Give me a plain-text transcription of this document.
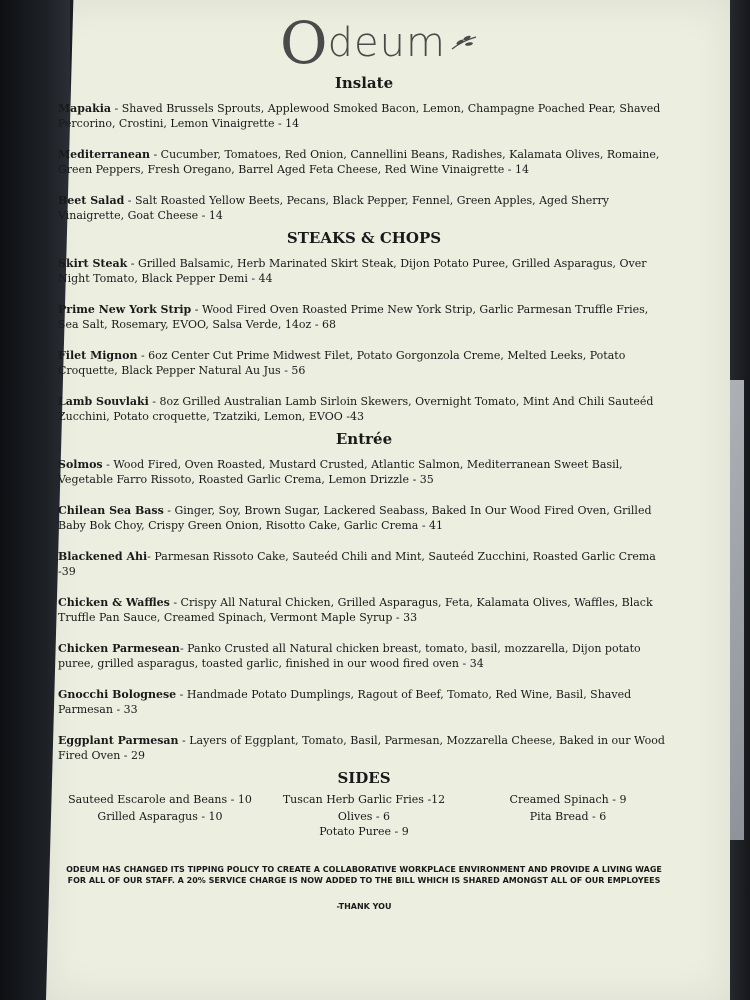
O deum
Inslate
Mapakia - Shaved Brussels Sprouts, Applewood Smoked Bacon, Lemon, Champagne Poached Pear, Shaved Percorino, Crostini, Lemon Vinaigrette - 14
Mediterranean - Cucumber, Tomatoes, Red Onion, Cannellini Beans, Radishes, Kalamata Olives, Romaine, Green Peppers, Fresh Oregano, Barrel Aged Feta Cheese, Red Wine Vinaigrette - 14
Beet Salad - Salt Roasted Yellow Beets, Pecans, Black Pepper, Fennel, Green Apples, Aged Sherry Vinaigrette, Goat Cheese - 14
STEAKS & CHOPS
Skirt Steak - Grilled Balsamic, Herb Marinated Skirt Steak, Dijon Potato Puree, Grilled Asparagus, Over Night Tomato, Black Pepper Demi - 44
Prime New York Strip - Wood Fired Oven Roasted Prime New York Strip, Garlic Parmesan Truffle Fries, Sea Salt, Rosemary, EVOO, Salsa Verde, 14oz - 68
Filet Mignon - 6oz Center Cut Prime Midwest Filet, Potato Gorgonzola Creme, Melted Leeks, Potato Croquette, Black Pepper Natural Au Jus - 56
Lamb Souvlaki - 8oz Grilled Australian Lamb Sirloin Skewers, Overnight Tomato, Mint And Chili Sauteéd Zucchini, Potato croquette, Tzatziki, Lemon, EVOO -43
Entrée
Solmos - Wood Fired, Oven Roasted, Mustard Crusted, Atlantic Salmon, Mediterranean Sweet Basil, Vegetable Farro Rissoto, Roasted Garlic Crema, Lemon Drizzle - 35
Chilean Sea Bass - Ginger, Soy, Brown Sugar, Lackered Seabass, Baked In Our Wood Fired Oven, Grilled Baby Bok Choy, Crispy Green Onion, Risotto Cake, Garlic Crema - 41
Blackened Ahi- Parmesan Rissoto Cake, Sauteéd Chili and Mint, Sauteéd Zucchini, Roasted Garlic Crema -39
Chicken & Waffles - Crispy All Natural Chicken, Grilled Asparagus, Feta, Kalamata Olives, Waffles, Black Truffle Pan Sauce, Creamed Spinach, Vermont Maple Syrup - 33
Chicken Parmesean- Panko Crusted all Natural chicken breast, tomato, basil, mozzarella, Dijon potato puree, grilled asparagus, toasted garlic, finished in our wood fired oven - 34
Gnocchi Bolognese - Handmade Potato Dumplings, Ragout of Beef, Tomato, Red Wine, Basil, Shaved Parmesan - 33
Eggplant Parmesan - Layers of Eggplant, Tomato, Basil, Parmesan, Mozzarella Cheese, Baked in our Wood Fired Oven - 29
SIDES
Sauteed Escarole and Beans - 10	Tuscan Herb Garlic Fries -12	Creamed Spinach - 9
Grilled Asparagus - 10	Olives - 6	Pita Bread - 6
Potato Puree - 9
ODEUM HAS CHANGED ITS TIPPING POLICY TO CREATE A COLLABORATIVE WORKPLACE ENVIRONMENT AND PROVIDE A LIVING WAGE FOR ALL OF OUR STAFF. A 20% SERVICE CHARGE IS NOW ADDED TO THE BILL WHICH IS SHARED AMONGST ALL OF OUR EMPLOYEES
-THANK YOU
